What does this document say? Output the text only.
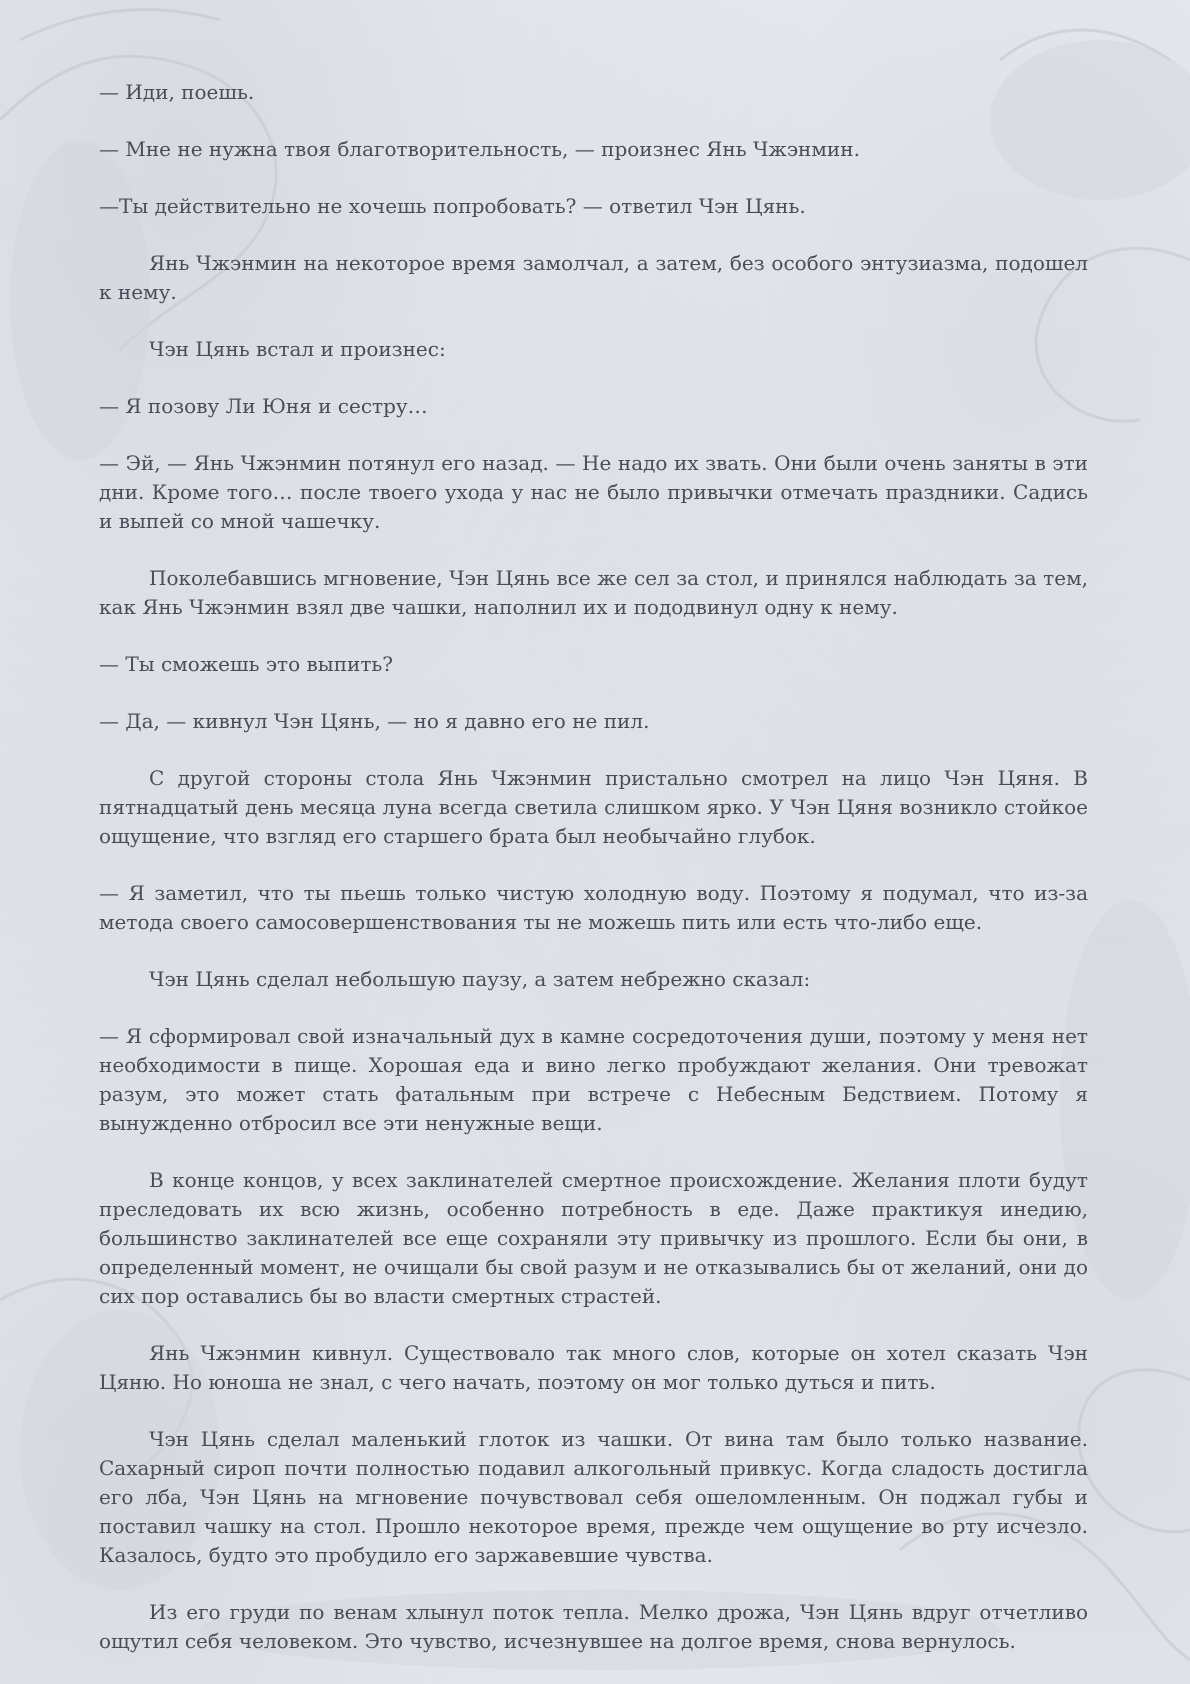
— Иди, поешь.

— Мне не нужна твоя благотворительность, — произнес Янь Чжэнмин.

—Ты действительно не хочешь попробовать? — ответил Чэн Цянь.

Янь Чжэнмин на некоторое время замолчал, а затем, без особого энтузиазма, подошел к нему.

Чэн Цянь встал и произнес:

— Я позову Ли Юня и сестру…

— Эй, — Янь Чжэнмин потянул его назад. — Не надо их звать. Они были очень заняты в эти дни. Кроме того… после твоего ухода у нас не было привычки отмечать праздники. Садись и выпей со мной чашечку.

Поколебавшись мгновение, Чэн Цянь все же сел за стол, и принялся наблюдать за тем, как Янь Чжэнмин взял две чашки, наполнил их и пододвинул одну к нему.

— Ты сможешь это выпить?

— Да, — кивнул Чэн Цянь, — но я давно его не пил.

С другой стороны стола Янь Чжэнмин пристально смотрел на лицо Чэн Цяня. В пятнадцатый день месяца луна всегда светила слишком ярко. У Чэн Цяня возникло стойкое ощущение, что взгляд его старшего брата был необычайно глубок.

— Я заметил, что ты пьешь только чистую холодную воду. Поэтому я подумал, что из-за метода своего самосовершенствования ты не можешь пить или есть что-либо еще.

Чэн Цянь сделал небольшую паузу, а затем небрежно сказал:

— Я сформировал свой изначальный дух в камне сосредоточения души, поэтому у меня нет необходимости в пище. Хорошая еда и вино легко пробуждают желания. Они тревожат разум, это может стать фатальным при встрече с Небесным Бедствием. Потому я вынужденно отбросил все эти ненужные вещи.

В конце концов, у всех заклинателей смертное происхождение. Желания плоти будут преследовать их всю жизнь, особенно потребность в еде. Даже практикуя инедию, большинство заклинателей все еще сохраняли эту привычку из прошлого. Если бы они, в определенный момент, не очищали бы свой разум и не отказывались бы от желаний, они до сих пор оставались бы во власти смертных страстей.

Янь Чжэнмин кивнул. Существовало так много слов, которые он хотел сказать Чэн Цяню. Но юноша не знал, с чего начать, поэтому он мог только дуться и пить.

Чэн Цянь сделал маленький глоток из чашки. От вина там было только название. Сахарный сироп почти полностью подавил алкогольный привкус. Когда сладость достигла его лба, Чэн Цянь на мгновение почувствовал себя ошеломленным. Он поджал губы и поставил чашку на стол. Прошло некоторое время, прежде чем ощущение во рту исчезло. Казалось, будто это пробудило его заржавевшие чувства.

Из его груди по венам хлынул поток тепла. Мелко дрожа, Чэн Цянь вдруг отчетливо ощутил себя человеком. Это чувство, исчезнувшее на долгое время, снова вернулось.
